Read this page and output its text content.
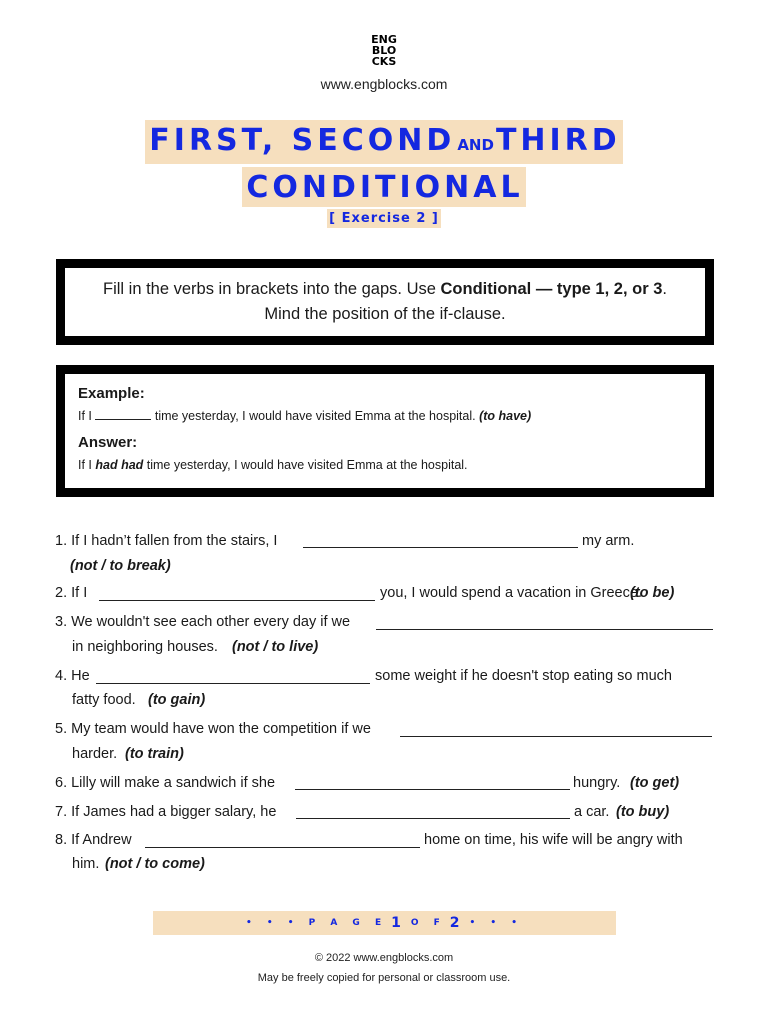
ENG
BLO
CKS
www.engblocks.com
FIRST, SECOND ANDTHIRD
CONDITIONAL
[ Exercise 2 ]
Fill in the verbs in brackets into the gaps. Use Conditional — type 1, 2, or 3. Mind the position of the if-clause.

Example:

If I	time yesterday, I would have visited Emma at the hospital. (to have)

Answer:

If I had had time yesterday, I would have visited Emma at the hospital.

1. If I hadn’t fallen from the stairs, I	my arm.
(not / to break)
2. If I	you, I would spend a vacation in Greece.
(to be)
3. We wouldn't see each other every day if we
in neighboring houses. (not / to live)
4. He	some weight if he doesn't stop eating so much
fatty food. (to gain)
5. My team would have won the competition if we
harder. (to train)
6. Lilly will make a sandwich if she	hungry. (to get)
7. If James had a bigger salary, he	a car. (to buy)
8. If Andrew	home on time, his wife will be angry with
him. (not / to come)
• • • P A G E 1 O F 2 • • •
© 2022 www.engblocks.com
May be freely copied for personal or classroom use.
